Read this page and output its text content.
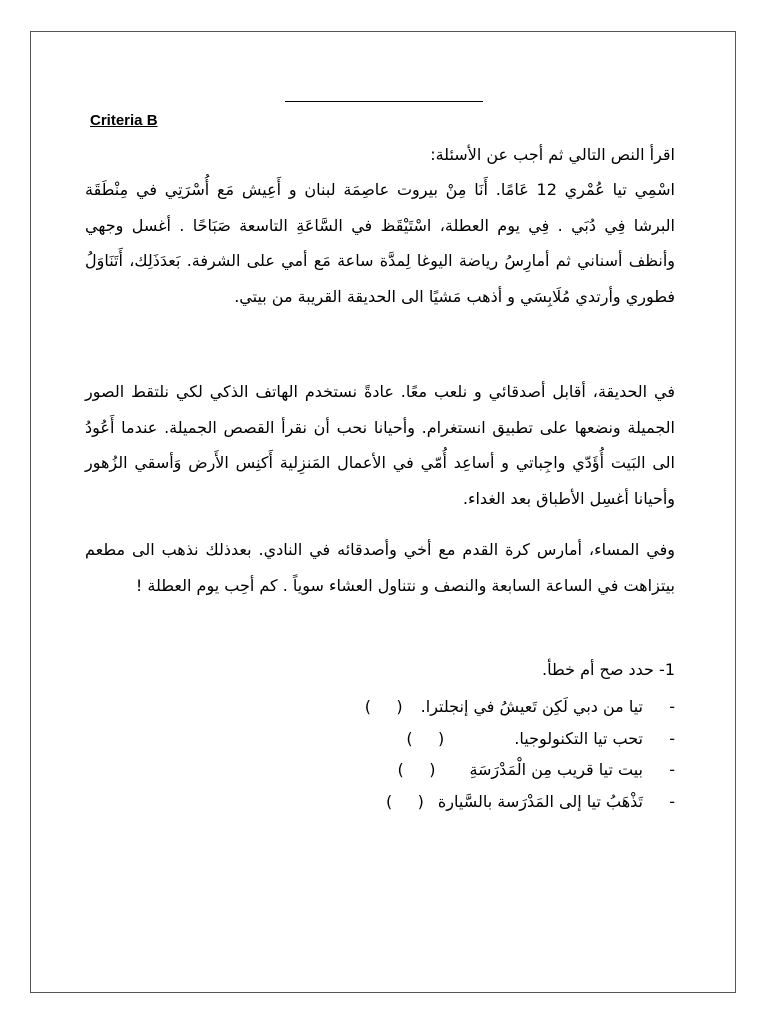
Criteria B
اقرأ النص التالي ثم أجب عن الأسئلة:
اسْمِي تيا عُمْري 12 عَامًا. أَنَا مِنْ بيروت عاصِمَة لبنان و أَعِيش مَع أُسْرَتِي في مِنْطَقَة البرشا فِي دُبَي . فِي يوم العطلة، اسْتَيْقَظ في السَّاعَةِ التاسعة صَبَاحًا . أغسل وجهي وأنظف أسناني ثم أمارِسُ رياضة اليوغا لِمدَّة ساعة مَع أمي على الشرفة. بَعدَذَلِك، أَتَنَاوَلُ فطوري وأرتدي مُلَابِسَي و أذهب مَشيًا الى الحديقة القريبة من بيتي.
في الحديقة، أقابل أصدقائي و نلعب معًا. عادةً نستخدم الهاتف الذكي لكي نلتقط الصور الجميلة ونضعها على تطبيق انستغرام. وأحيانا نحب أن نقرأ القصص الجميلة. عندما أَعُودُ الى البَيت أُؤَدّي واجِباتي و أساعِد أُمّي في الأعمال المَنزِلية أَكنِس الأَرض وَأسقي الزُهور وأحيانا أغسِل الأطباق بعد الغداء.
وفي المساء، أمارس كرة القدم مع أخي وأصدقائه في النادي. بعدذلك نذهب الى مطعم بيتزاهت في الساعة السابعة والنصف و نتناول العشاء سوياً . كم أحِب يوم العطلة !
1- حدد صح أم خطأ.
-
تيا من دبي لَكِن تَعيشُ في إنجلترا.
(     )
-
تحب تيا التكنولوجيا.
(     )
-
بيت تيا قريب مِن الْمَدْرَسَةِ
(     )
-
تَذْهَبُ تيا إلى المَدْرَسة بالسَّيارة
(     )
